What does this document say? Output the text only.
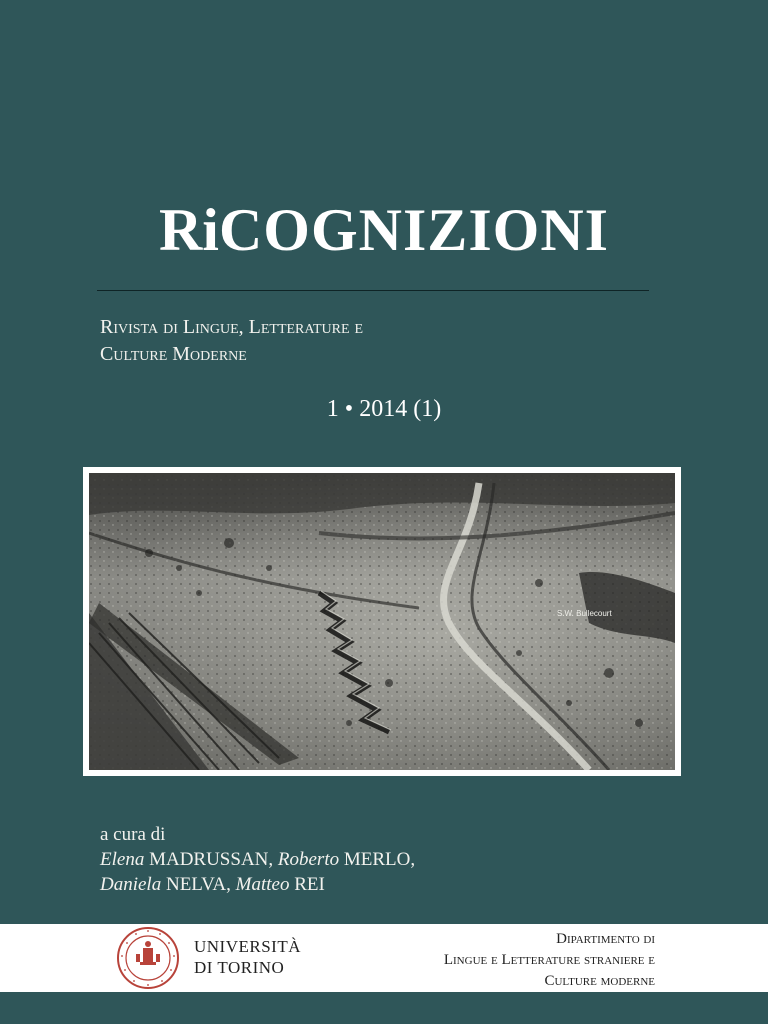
RiCOGNIZIONI
Rivista di Lingue, Letterature e
Culture Moderne
1 • 2014 (1)
S.W. Bullecourt
a cura di
Elena MADRUSSAN, Roberto MERLO,
Daniela NELVA, Matteo REI
UNIVERSITÀ
DI TORINO
Dipartimento di
Lingue e Letterature straniere e
Culture moderne
